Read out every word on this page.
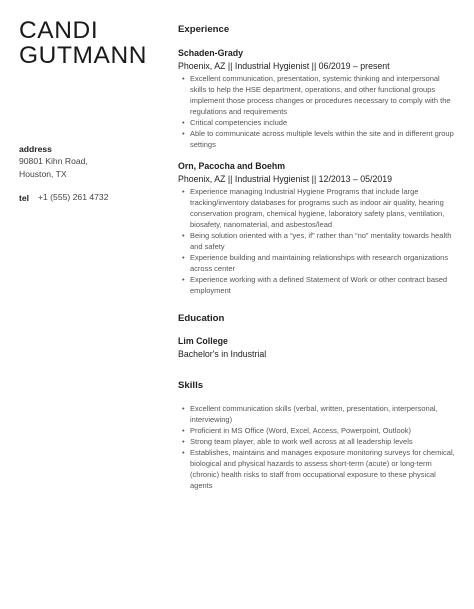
CANDI
GUTMANN
address
90801 Kihn Road,
Houston, TX
tel +1 (555) 261 4732
Experience
Schaden-Grady
Phoenix, AZ || Industrial Hygienist || 06/2019 – present
• Excellent communication, presentation, systemic thinking and interpersonal skills to help the HSE department, operations, and other functional groups implement those process changes or procedures necessary to comply with the regulations and requirements
• Critical competencies include
• Able to communicate across multiple levels within the site and in different group settings
Orn, Pacocha and Boehm
Phoenix, AZ || Industrial Hygienist || 12/2013 – 05/2019
• Experience managing Industrial Hygiene Programs that include large tracking/inventory databases for programs such as indoor air quality, hearing conservation program, chemical hygiene, laboratory safety plans, ventilation, biosafety, nanomaterial, and asbestos/lead
• Being solution oriented with a “yes, if” rather than “no” mentality towards health and safety
• Experience building and maintaining relationships with research organizations across center
• Experience working with a defined Statement of Work or other contract based employment
Education
Lim College
Bachelor's in Industrial
Skills
• Excellent communication skills (verbal, written, presentation, interpersonal, interviewing)
• Proficient in MS Office (Word, Excel, Access, Powerpoint, Outlook)
• Strong team player, able to work well across at all leadership levels
• Establishes, maintains and manages exposure monitoring surveys for chemical, biological and physical hazards to assess short-term (acute) or long-term (chronic) health risks to staff from occupational exposure to these physical agents
